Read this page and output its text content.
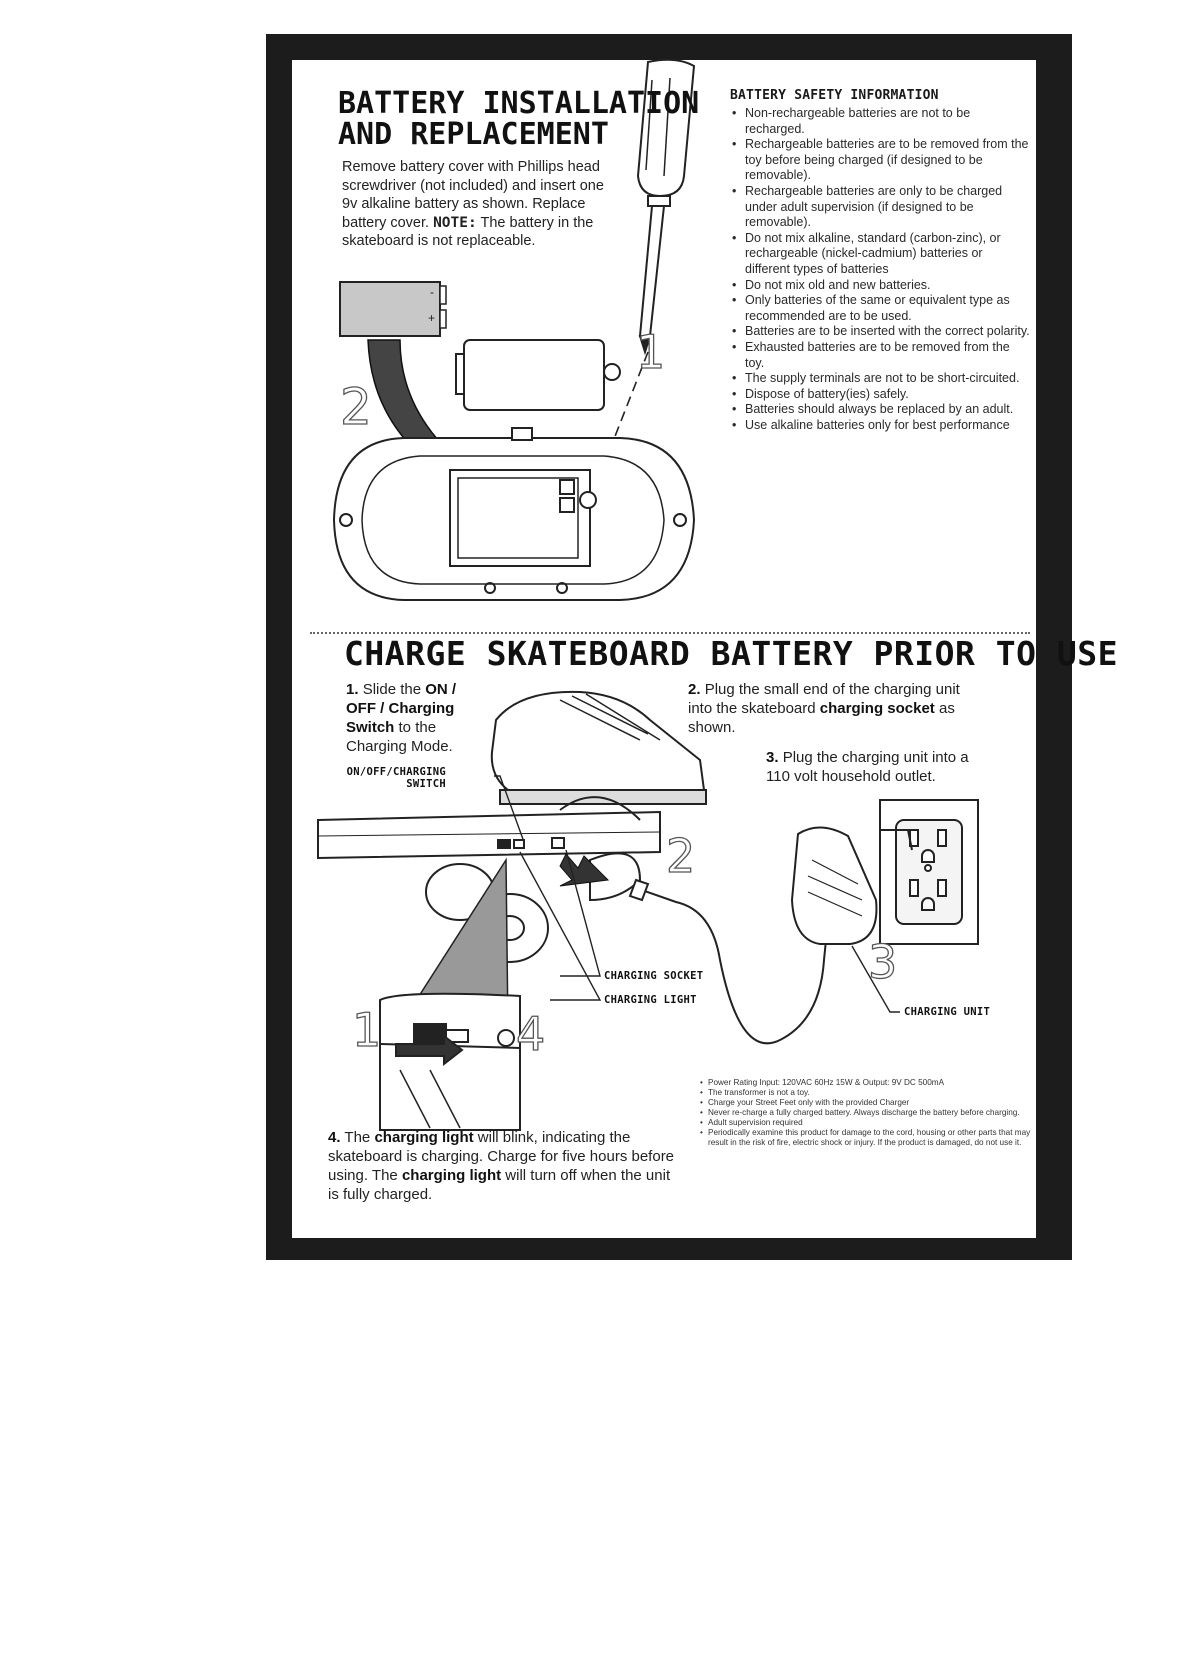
-
+
1
2
2
3
1	4
BATTERY INSTALLATION
AND REPLACEMENT
Remove battery cover with Phillips head screwdriver (not included) and insert one 9v alkaline battery as shown. Replace battery cover. NOTE: The battery in the skateboard is not replaceable.
BATTERY SAFETY INFORMATION
• Non-rechargeable batteries are not to be recharged.
• Rechargeable batteries are to be removed from the toy before being charged (if designed to be removable).
• Rechargeable batteries are only to be charged under adult supervision (if designed to be removable).
• Do not mix alkaline, standard (carbon-zinc), or rechargeable (nickel-cadmium) batteries or different types of batteries
• Do not mix old and new batteries.
• Only batteries of the same or equivalent type as recommended are to be used.
• Batteries are to be inserted with the correct polarity.
• Exhausted batteries are to be removed from the toy.
• The supply terminals are not to be short-circuited.
• Dispose of battery(ies) safely.
• Batteries should always be replaced by an adult.
• Use alkaline batteries only for best performance
CHARGE SKATEBOARD BATTERY PRIOR TO USE
1. Slide the ON / OFF / Charging Switch to the Charging Mode.
ON/OFF/CHARGING
SWITCH
CHARGING SOCKET
CHARGING LIGHT
CHARGING UNIT
2. Plug the small end of the charging unit into the skateboard charging socket as shown.
3. Plug the charging unit into a 110 volt household outlet.
4. The charging light will blink, indicating the skateboard is charging. Charge for five hours before using. The charging light will turn off when the unit is fully charged.
• Power Rating Input: 120VAC 60Hz 15W & Output: 9V DC 500mA
• The transformer is not a toy.
• Charge your Street Feet only with the provided Charger
• Never re-charge a fully charged battery. Always discharge the battery before charging.
• Adult supervision required
• Periodically examine this product for damage to the cord, housing or other parts that may result in the risk of fire, electric shock or injury. If the product is damaged, do not use it.
